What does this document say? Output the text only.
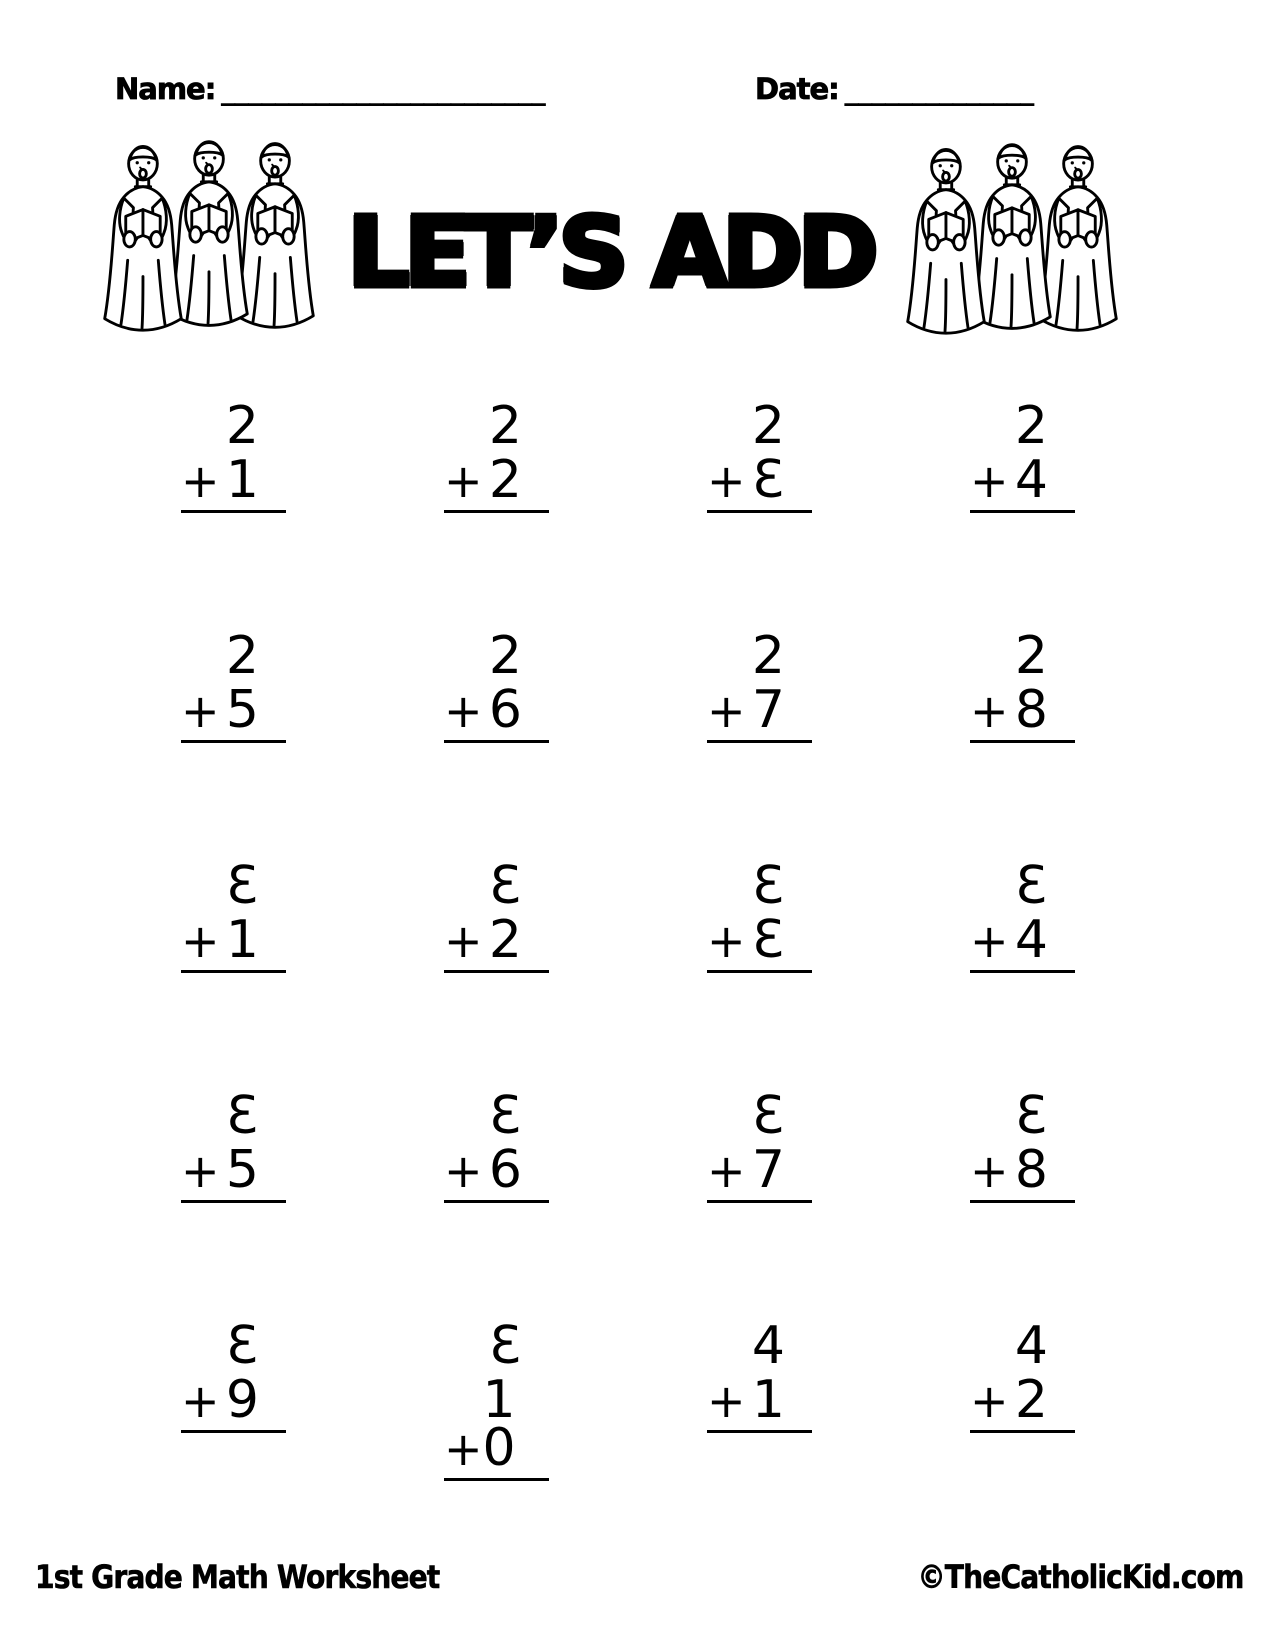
Name: ________________________	Date: ______________
LET’S ADD
2
+ 1
2
+ 2
2
+ 3
2
+ 4
2
+ 5
2
+ 6
2
+ 7
2
+ 8
3
+ 1
3
+ 2
3
+ 3
3
+ 4
3
+ 5
3
+ 6
3
+ 7
3
+ 8
3
+ 9
3
+
10
4
+ 1
4
+ 2
1st Grade Math Worksheet	©TheCatholicKid.com
